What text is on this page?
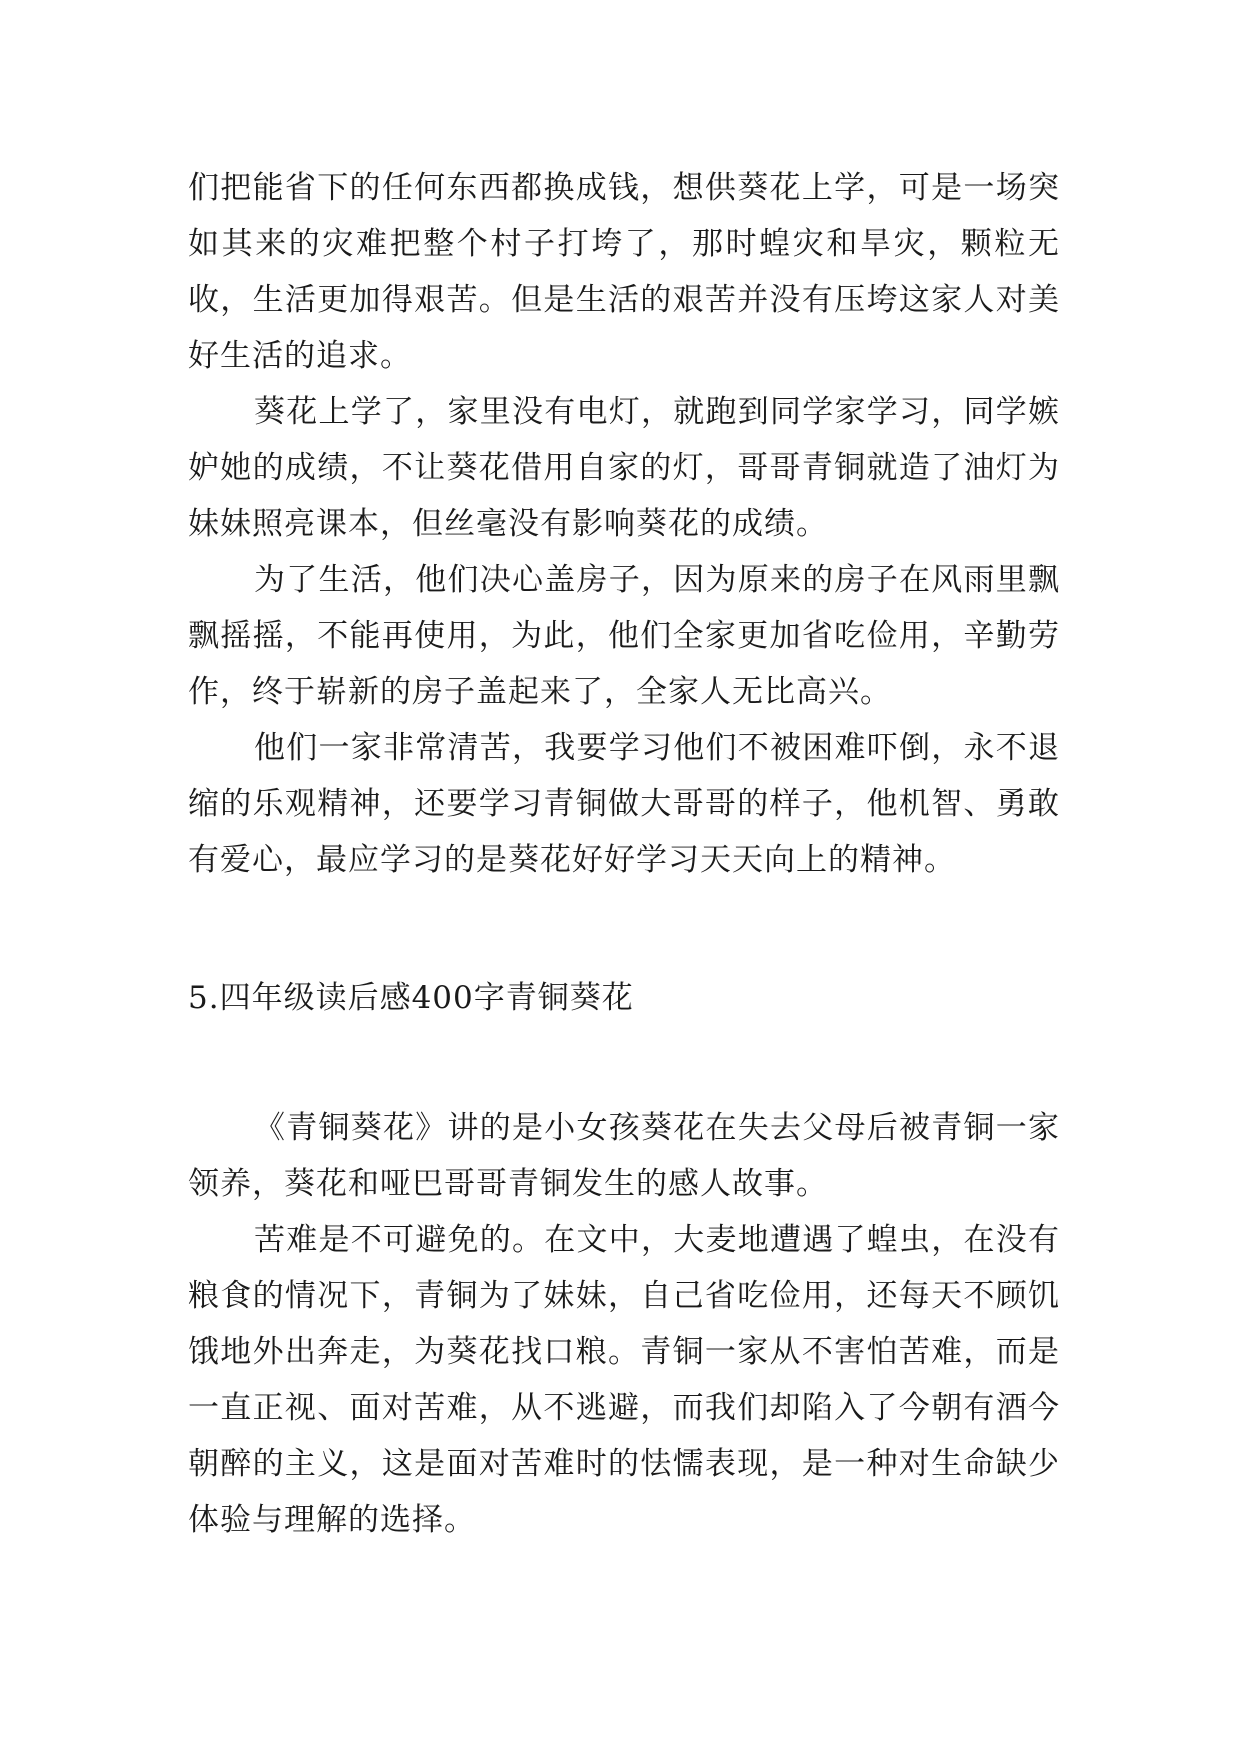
们把能省下的任何东西都换成钱，想供葵花上学，可是一场突如其来的灾难把整个村子打垮了，那时蝗灾和旱灾，颗粒无收，生活更加得艰苦。但是生活的艰苦并没有压垮这家人对美好生活的追求。

葵花上学了，家里没有电灯，就跑到同学家学习，同学嫉妒她的成绩，不让葵花借用自家的灯，哥哥青铜就造了油灯为妹妹照亮课本，但丝毫没有影响葵花的成绩。

为了生活，他们决心盖房子，因为原来的房子在风雨里飘飘摇摇，不能再使用，为此，他们全家更加省吃俭用，辛勤劳作，终于崭新的房子盖起来了，全家人无比高兴。

他们一家非常清苦，我要学习他们不被困难吓倒，永不退缩的乐观精神，还要学习青铜做大哥哥的样子，他机智、勇敢有爱心，最应学习的是葵花好好学习天天向上的精神。

5.四年级读后感400字青铜葵花

《青铜葵花》讲的是小女孩葵花在失去父母后被青铜一家领养，葵花和哑巴哥哥青铜发生的感人故事。

苦难是不可避免的。在文中，大麦地遭遇了蝗虫，在没有粮食的情况下，青铜为了妹妹，自己省吃俭用，还每天不顾饥饿地外出奔走，为葵花找口粮。青铜一家从不害怕苦难，而是一直正视、面对苦难，从不逃避，而我们却陷入了今朝有酒今朝醉的主义，这是面对苦难时的怯懦表现，是一种对生命缺少体验与理解的选择。
